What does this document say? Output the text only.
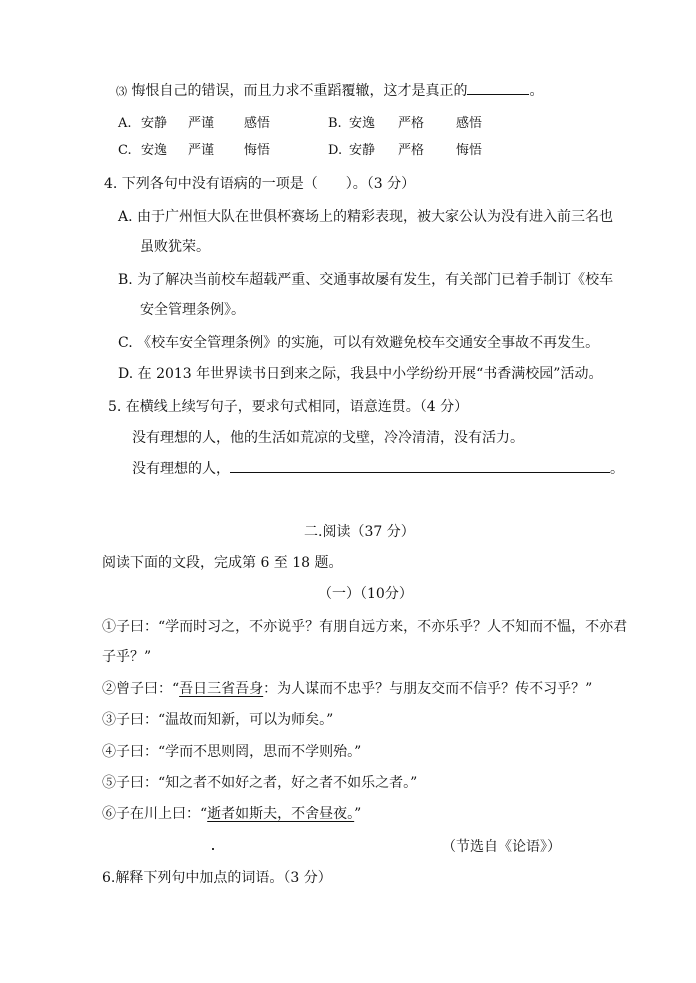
⑶ 悔恨自己的错误，而且力求不重蹈覆辙，这才是真正的	。
A. 安静 严谨 感悟	B. 安逸 严格 感悟
C. 安逸 严谨 悔悟	D. 安静 严格 悔悟
4. 下列各句中没有语病的一项是（　　）。（3 分）
A. 由于广州恒大队在世俱杯赛场上的精彩表现，被大家公认为没有进入前三名也
虽败犹荣。
B. 为了解决当前校车超载严重、交通事故屡有发生，有关部门已着手制订《校车
安全管理条例》。
C. 《校车安全管理条例》的实施，可以有效避免校车交通安全事故不再发生。
D. 在 2013 年世界读书日到来之际，我县中小学纷纷开展“书香满校园”活动。
5. 在横线上续写句子，要求句式相同，语意连贯。（4 分）
没有理想的人，他的生活如荒凉的戈壁，冷冷清清，没有活力。
没有理想的人，	。
二.阅读（37 分）
阅读下面的文段，完成第 6 至 18 题。
（一）（10分）
①子曰：“学而时习之，不亦说乎？有朋自远方来，不亦乐乎？人不知而不愠，不亦君
子乎？”
②曾子曰：“吾日三省吾身：为人谋而不忠乎？与朋友交而不信乎？传不习乎？”
③子曰：“温故而知新，可以为师矣。”
④子曰：“学而不思则罔，思而不学则殆。”
⑤子曰：“知之者不如好之者，好之者不如乐之者。”
⑥子在川上曰：“逝者如斯夫，不舍昼夜。”
（节选自《论语》）
6.解释下列句中加点的词语。（3 分）
